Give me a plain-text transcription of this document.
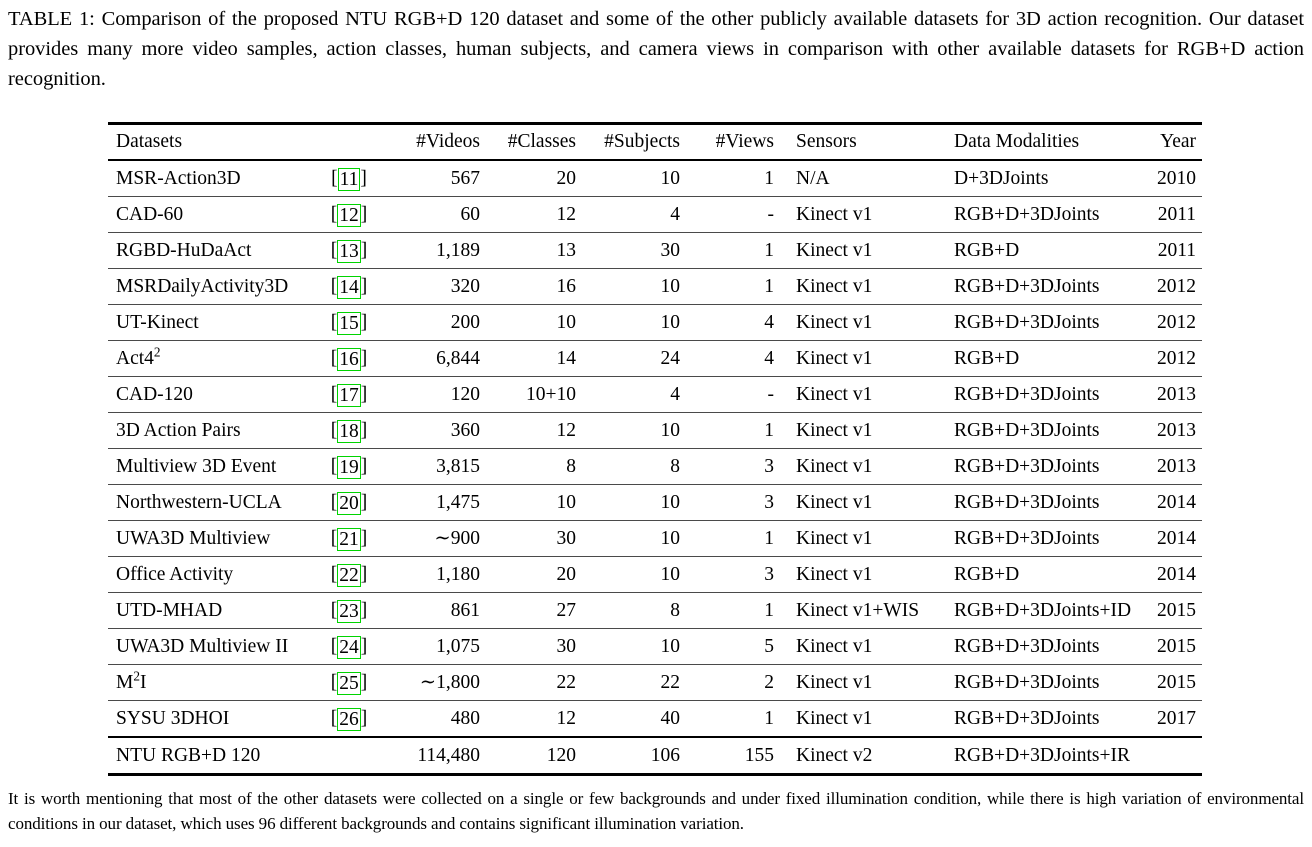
TABLE 1: Comparison of the proposed NTU RGB+D 120 dataset and some of the other publicly available datasets for 3D action recognition. Our dataset provides many more video samples, action classes, human subjects, and camera views in comparison with other available datasets for RGB+D action recognition.

Datasets		#Videos	#Classes	#Subjects	#Views	Sensors	Data Modalities	Year

MSR-Action3D	[ 11 ]	567	20	10	1	N/A	D+3DJoints	2010

CAD-60	[ 12 ]	60	12	4	-	Kinect v1	RGB+D+3DJoints	2011

RGBD-HuDaAct	[ 13 ]	1,189	13	30	1	Kinect v1	RGB+D	2011

MSRDailyActivity3D	[ 14 ]	320	16	10	1	Kinect v1	RGB+D+3DJoints	2012

UT-Kinect	[ 15 ]	200	10	10	4	Kinect v1	RGB+D+3DJoints	2012

$Act4^2$	[ 16 ]	6,844	14	24	4	Kinect v1	RGB+D	2012

CAD-120	[ 17 ]	120	10+10	4	-	Kinect v1	RGB+D+3DJoints	2013

3D Action Pairs	[ 18 ]	360	12	10	1	Kinect v1	RGB+D+3DJoints	2013

Multiview 3D Event	[ 19 ]	3,815	8	8	3	Kinect v1	RGB+D+3DJoints	2013

Northwestern-UCLA	[ 20 ]	1,475	10	10	3	Kinect v1	RGB+D+3DJoints	2014

UWA3D Multiview	[ 21 ]	∼900	30	10	1	Kinect v1	RGB+D+3DJoints	2014

Office Activity	[ 22 ]	1,180	20	10	3	Kinect v1	RGB+D	2014

UTD-MHAD	[ 23 ]	861	27	8	1	Kinect v1+WIS	RGB+D+3DJoints+ID	2015

UWA3D Multiview II	[ 24 ]	1,075	30	10	5	Kinect v1	RGB+D+3DJoints	2015

$M^2I$	[ 25 ]	∼1,800	22	22	2	Kinect v1	RGB+D+3DJoints	2015

SYSU 3DHOI	[ 26 ]	480	12	40	1	Kinect v1	RGB+D+3DJoints	2017

NTU RGB+D 120		114,480	120	106	155	Kinect v2	RGB+D+3DJoints+IR	

It is worth mentioning that most of the other datasets were collected on a single or few backgrounds and under fixed illumination condition, while there is high variation of environmental conditions in our dataset, which uses 96 different backgrounds and contains significant illumination variation.
